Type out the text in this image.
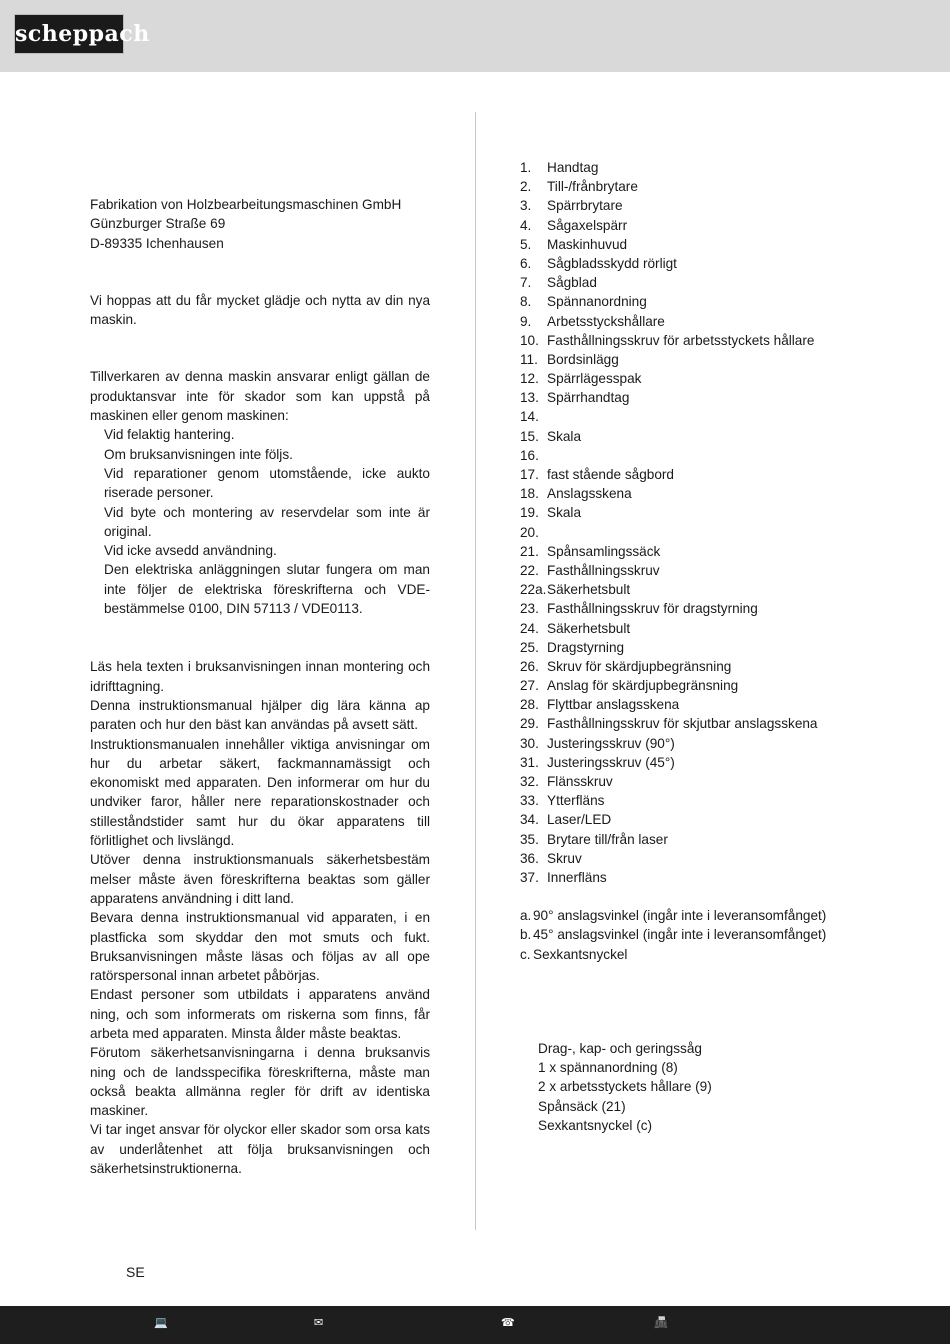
scheppach

Fabrikation von Holzbearbeitungsmaschinen GmbH

Günzburger Straße 69

D-89335 Ichenhausen

Vi hoppas att du får mycket glädje och nytta av din nya maskin.

Tillverkaren av denna maskin ansvarar enligt gällan de produktansvar inte för skador som kan uppstå på maskinen eller genom maskinen:

Vid felaktig hantering.
Om bruksanvisningen inte följs.
Vid reparationer genom utomstående, icke aukto riserade personer.
Vid byte och montering av reservdelar som inte är original.
Vid icke avsedd användning.
Den elektriska anläggningen slutar fungera om man inte följer de elektriska föreskrifterna och VDE-bestämmelse 0100, DIN 57113 / VDE0113.

Läs hela texten i bruksanvisningen innan montering och idrifttagning.

Denna instruktionsmanual hjälper dig lära känna ap paraten och hur den bäst kan användas på avsett sätt.

Instruktionsmanualen innehåller viktiga anvisningar om hur du arbetar säkert, fackmannamässigt och ekonomiskt med apparaten. Den informerar om hur du undviker faror, håller nere reparationskostnader och stilleståndstider samt hur du ökar apparatens till förlitlighet och livslängd.

Utöver denna instruktionsmanuals säkerhetsbestäm melser måste även föreskrifterna beaktas som gäller apparatens användning i ditt land.

Bevara denna instruktionsmanual vid apparaten, i en plastficka som skyddar den mot smuts och fukt. Bruksanvisningen måste läsas och följas av all ope ratörspersonal innan arbetet påbörjas.

Endast personer som utbildats i apparatens använd ning, och som informerats om riskerna som finns, får arbeta med apparaten. Minsta ålder måste beaktas.

Förutom säkerhetsanvisningarna i denna bruksanvis ning och de landsspecifika föreskrifterna, måste man också beakta allmänna regler för drift av identiska maskiner.

Vi tar inget ansvar för olyckor eller skador som orsa kats av underlåtenhet att följa bruksanvisningen och säkerhetsinstruktionerna.

1.	Handtag
2.	Till-/frånbrytare
3.	Spärrbrytare
4.	Sågaxelspärr
5.	Maskinhuvud
6.	Sågbladsskydd rörligt
7.	Sågblad
8.	Spännanordning
9.	Arbetsstyckshållare
10. Fasthållningsskruv för arbetsstyckets hållare
11. Bordsinlägg
12. Spärrlägesspak
13. Spärrhandtag
14.
15. Skala
16.
17. fast stående sågbord
18. Anslagsskena
19. Skala
20.
21. Spånsamlingssäck
22. Fasthållningsskruv
22a. Säkerhetsbult
23. Fasthållningsskruv för dragstyrning
24. Säkerhetsbult
25. Dragstyrning
26. Skruv för skärdjupbegränsning
27. Anslag för skärdjupbegränsning
28. Flyttbar anslagsskena
29. Fasthållningsskruv för skjutbar anslagsskena
30. Justeringsskruv (90°)
31. Justeringsskruv (45°)
32. Flänsskruv
33. Ytterfläns
34. Laser/LED
35. Brytare till/från laser
36. Skruv
37. Innerfläns
a. 90° anslagsvinkel (ingår inte i leveransomfånget)
b. 45° anslagsvinkel (ingår inte i leveransomfånget)
c. Sexkantsnyckel
Drag-, kap- och geringssåg
1 x spännanordning (8)
2 x arbetsstyckets hållare (9)
Spånsäck (21)
Sexkantsnyckel (c)
SE
💻	✉	☎	📠
